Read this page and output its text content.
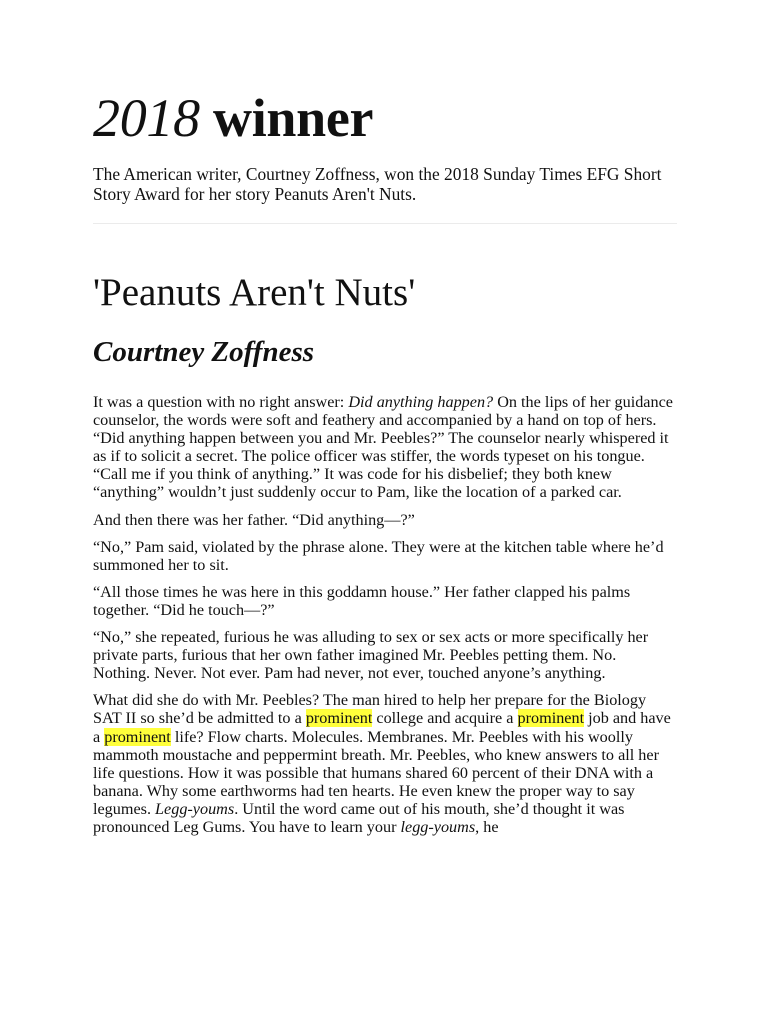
2018 winner

The American writer, Courtney Zoffness, won the 2018 Sunday Times EFG Short Story Award for her story Peanuts Aren't Nuts.

'Peanuts Aren't Nuts'
Courtney Zoffness

It was a question with no right answer: Did anything happen? On the lips of her guidance counselor, the words were soft and feathery and accompanied by a hand on top of hers. “Did anything happen between you and Mr. Peebles?” The counselor nearly whispered it as if to solicit a secret. The police officer was stiffer, the words typeset on his tongue. “Call me if you think of anything.” It was code for his disbelief; they both knew “anything” wouldn’t just suddenly occur to Pam, like the location of a parked car.

And then there was her father. “Did anything—?”

“No,” Pam said, violated by the phrase alone. They were at the kitchen table where he’d summoned her to sit.

“All those times he was here in this goddamn house.” Her father clapped his palms together. “Did he touch—?”

“No,” she repeated, furious he was alluding to sex or sex acts or more specifically her private parts, furious that her own father imagined Mr. Peebles petting them. No. Nothing. Never. Not ever. Pam had never, not ever, touched anyone’s anything.

What did she do with Mr. Peebles? The man hired to help her prepare for the Biology SAT II so she’d be admitted to a prominent college and acquire a prominent job and have a prominent life? Flow charts. Molecules. Membranes. Mr. Peebles with his woolly mammoth moustache and peppermint breath. Mr. Peebles, who knew answers to all her life questions. How it was possible that humans shared 60 percent of their DNA with a banana. Why some earthworms had ten hearts. He even knew the proper way to say legumes. Legg-youms. Until the word came out of his mouth, she’d thought it was pronounced Leg Gums. You have to learn your legg-youms, he
